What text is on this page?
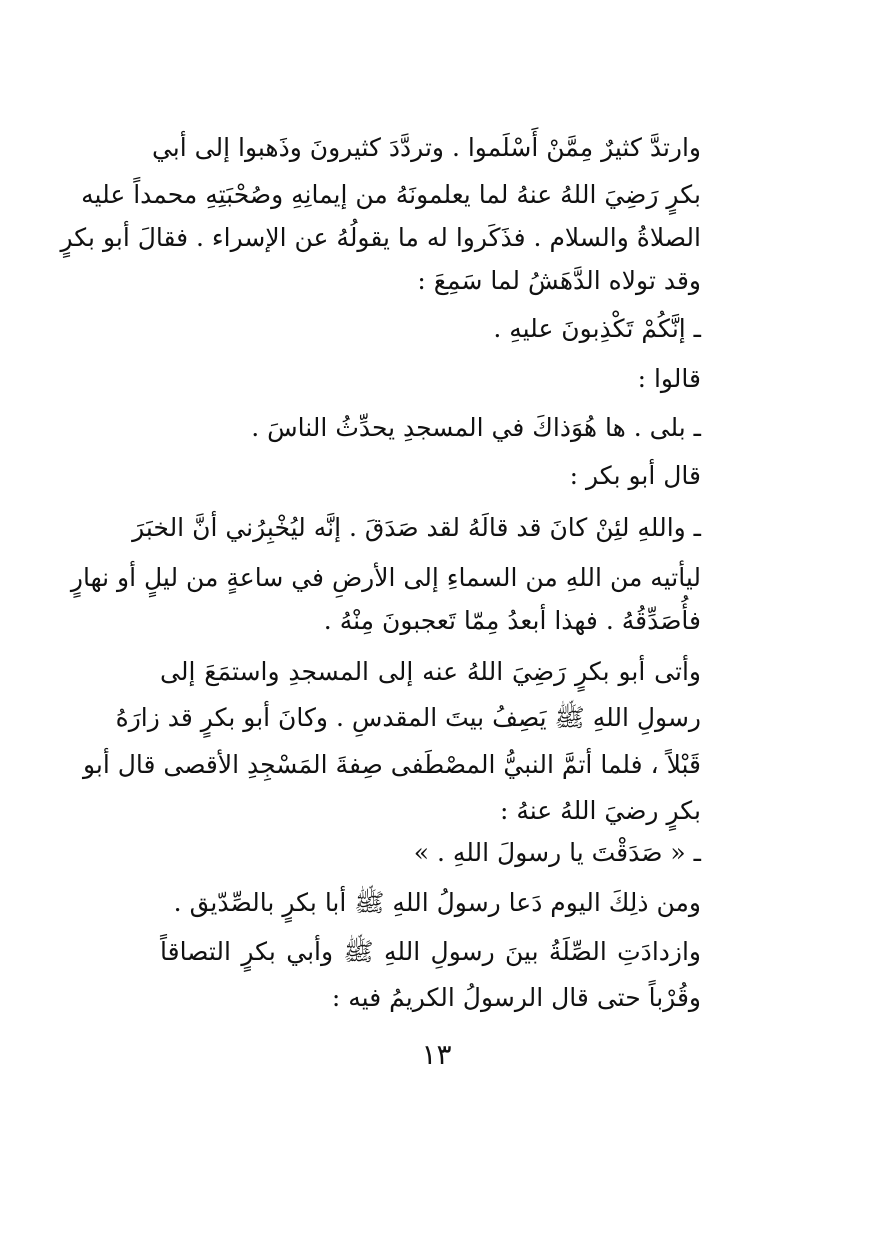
وارتدَّ كثيرٌ مِمَّنْ أَسْلَموا . وتردَّدَ كثيرونَ وذَهبوا إلى أبي

بكرٍ رَضِيَ اللهُ عنهُ لما يعلمونَهُ من إيمانِهِ وصُحْبَتِهِ محمداً عليه

الصلاةُ والسلام . فذَكَروا له ما يقولُهُ عن الإسراء . فقالَ أبو بكرٍ

وقد تولاه الدَّهَشُ لما سَمِعَ :

ـ إنَّكُمْ تَكْذِبونَ عليهِ .

قالوا :

ـ بلى . ها هُوَذاكَ في المسجدِ يحدِّثُ الناسَ .

قال أبو بكر :

ـ واللهِ لئِنْ كانَ قد قالَهُ لقد صَدَقَ . إنَّه ليُخْبِرُني أنَّ الخبَرَ

ليأتيه من اللهِ من السماءِ إلى الأرضِ في ساعةٍ من ليلٍ أو نهارٍ

فأُصَدِّقُهُ . فهذا أبعدُ مِمّا تَعجبونَ مِنْهُ .

وأتى أبو بكرٍ رَضِيَ اللهُ عنه إلى المسجدِ واستمَعَ إلى

رسولِ اللهِ ﷺ يَصِفُ بيتَ المقدسِ . وكانَ أبو بكرٍ قد زارَهُ

قَبْلاً ، فلما أتمَّ النبيُّ المصْطَفى صِفةَ المَسْجِدِ الأقصى قال أبو

بكرٍ رضيَ اللهُ عنهُ :

ـ « صَدَقْتَ يا رسولَ اللهِ . »

ومن ذلِكَ اليوم دَعا رسولُ اللهِ ﷺ أبا بكرٍ بالصِّدّيق .

وازدادَتِ الصِّلَةُ بينَ رسولِ اللهِ ﷺ وأبي بكرٍ التصاقاً

وقُرْباً حتى قال الرسولُ الكريمُ فيه :

١٣
